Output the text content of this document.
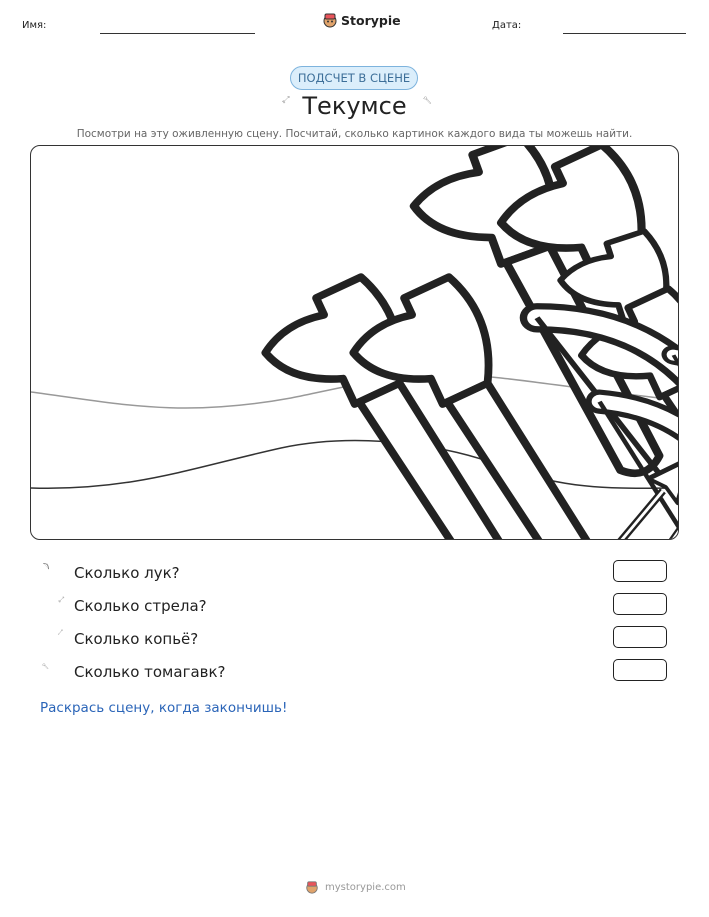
Имя:	Storypie	Дата:
ПОДСЧЕТ В СЦЕНЕ
Текумсе
Посмотри на эту оживленную сцену. Посчитай, сколько картинок каждого вида ты можешь найти.
Сколько лук?
Сколько стрела?
Сколько копьё?
Сколько томагавк?
Раскрась сцену, когда закончишь!
mystorypie.com
